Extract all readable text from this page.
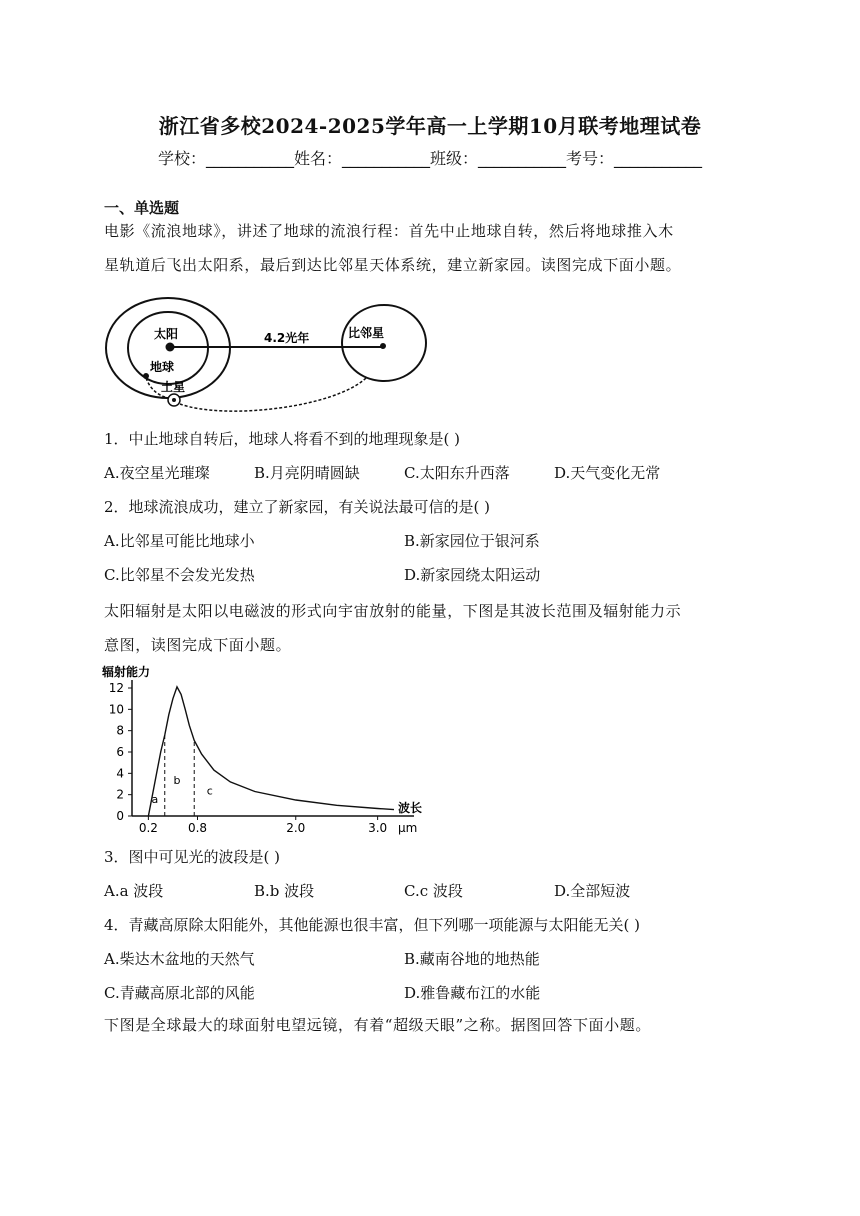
浙江省多校2024-2025学年高一上学期10月联考地理试卷
学校：___________姓名：___________班级：___________考号：___________
一、单选题
电影《流浪地球》，讲述了地球的流浪行程：首先中止地球自转，然后将地球推入木
星轨道后飞出太阳系，最后到达比邻星天体系统，建立新家园。读图完成下面小题。
太阳
地球
土星
4.2光年	比邻星
1．中止地球自转后，地球人将看不到的地理现象是( )
A.夜空星光璀璨	B.月亮阴晴圆缺	C.太阳东升西落	D.天气变化无常
2．地球流浪成功，建立了新家园，有关说法最可信的是( )
A.比邻星可能比地球小	B.新家园位于银河系
C.比邻星不会发光发热	D.新家园绕太阳运动
太阳辐射是太阳以电磁波的形式向宇宙放射的能量，下图是其波长范围及辐射能力示
意图，读图完成下面小题。
辐射能力
12
10
8
6
4
2
0
0.2	0.8	2.0	3.0
波长
μm
a
b
c
3．图中可见光的波段是( )
A.a 波段	B.b 波段	C.c 波段	D.全部短波
4．青藏高原除太阳能外，其他能源也很丰富，但下列哪一项能源与太阳能无关( )
A.柴达木盆地的天然气	B.藏南谷地的地热能
C.青藏高原北部的风能	D.雅鲁藏布江的水能
下图是全球最大的球面射电望远镜，有着“超级天眼”之称。据图回答下面小题。
